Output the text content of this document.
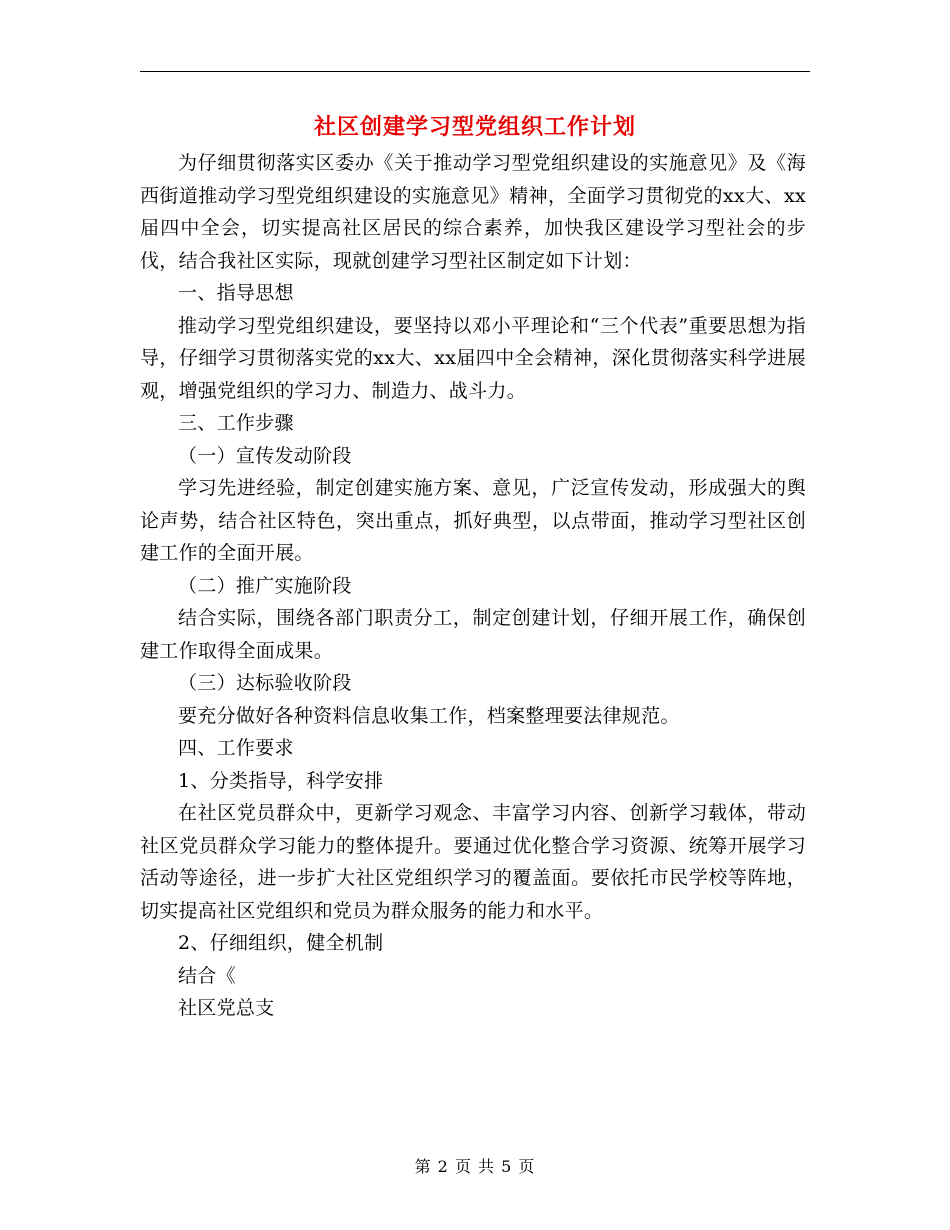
社区创建学习型党组织工作计划

为仔细贯彻落实区委办《关于推动学习型党组织建设的实施意见》及《海西街道推动学习型党组织建设的实施意见》精神，全面学习贯彻党的xx大、xx届四中全会，切实提高社区居民的综合素养，加快我区建设学习型社会的步伐，结合我社区实际，现就创建学习型社区制定如下计划：

一、指导思想

推动学习型党组织建设，要坚持以邓小平理论和“三个代表”重要思想为指导，仔细学习贯彻落实党的xx大、xx届四中全会精神，深化贯彻落实科学进展观，增强党组织的学习力、制造力、战斗力。

三、工作步骤

（一）宣传发动阶段

学习先进经验，制定创建实施方案、意见，广泛宣传发动，形成强大的舆论声势，结合社区特色，突出重点，抓好典型，以点带面，推动学习型社区创建工作的全面开展。

（二）推广实施阶段

结合实际，围绕各部门职责分工，制定创建计划，仔细开展工作，确保创建工作取得全面成果。

（三）达标验收阶段

要充分做好各种资料信息收集工作，档案整理要法律规范。

四、工作要求

1、分类指导，科学安排

在社区党员群众中，更新学习观念、丰富学习内容、创新学习载体，带动社区党员群众学习能力的整体提升。要通过优化整合学习资源、统筹开展学习活动等途径，进一步扩大社区党组织学习的覆盖面。要依托市民学校等阵地，切实提高社区党组织和党员为群众服务的能力和水平。

2、仔细组织，健全机制

结合《

社区党总支

第 2 页 共 5 页
